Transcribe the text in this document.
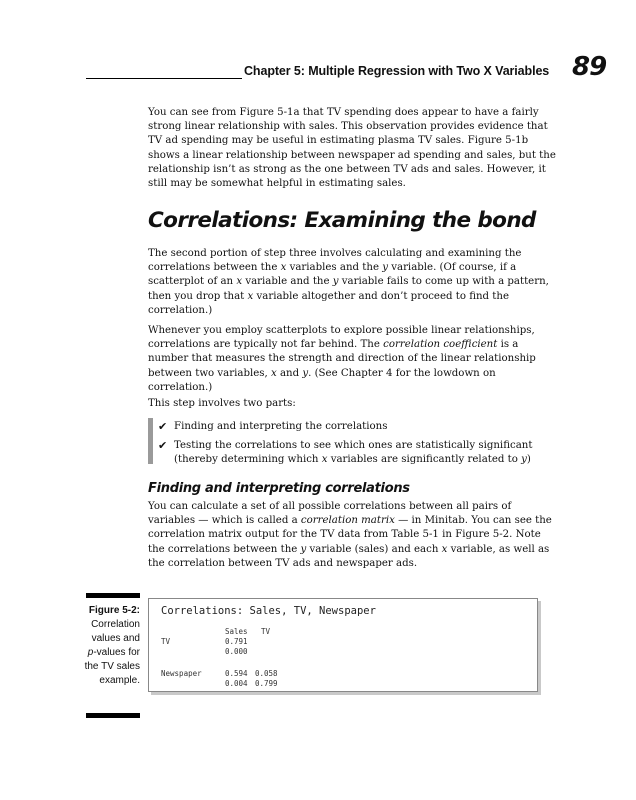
Chapter 5: Multiple Regression with Two X Variables 89

You can see from Figure 5-1a that TV spending does appear to have a fairly strong linear relationship with sales. This observation provides evidence that TV ad spending may be useful in estimating plasma TV sales. Figure 5-1b shows a linear relationship between newspaper ad spending and sales, but the relationship isn’t as strong as the one between TV ads and sales. However, it still may be somewhat helpful in estimating sales.

Correlations: Examining the bond

The second portion of step three involves calculating and examining the correlations between the x variables and the y variable. (Of course, if a scatterplot of an x variable and the y variable fails to come up with a pattern, then you drop that x variable altogether and don’t proceed to find the correlation.)

Whenever you employ scatterplots to explore possible linear relationships, correlations are typically not far behind. The correlation coefficient is a number that measures the strength and direction of the linear relationship between two variables, x and y. (See Chapter 4 for the lowdown on correlation.)

This step involves two parts:

✔ Finding and interpreting the correlations

✔ Testing the correlations to see which ones are statistically significant (thereby determining which x variables are significantly related to y)

Finding and interpreting correlations

You can calculate a set of all possible correlations between all pairs of variables — which is called a correlation matrix — in Minitab. You can see the correlation matrix output for the TV data from Table 5-1 in Figure 5-2. Note the correlations between the y variable (sales) and each x variable, as well as the correlation between TV ads and newspaper ads.

Figure 5-2:
Correlation
values and
p-values for
the TV sales
example.
Correlations: Sales, TV, Newspaper
Sales TV
TV	0.791
0.000
Newspaper	0.594 0.058
0.004 0.799
